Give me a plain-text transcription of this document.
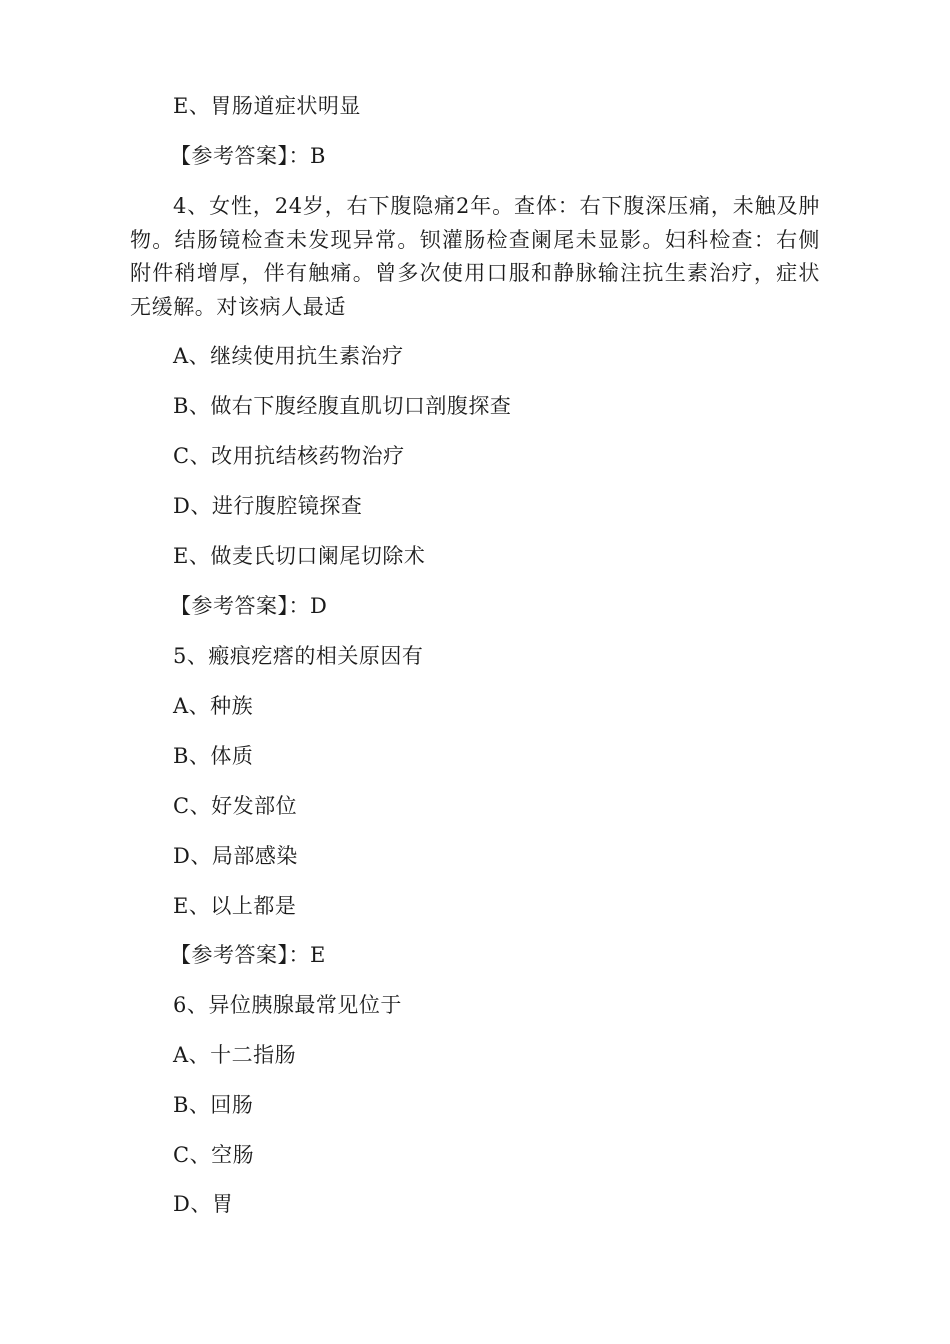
E、胃肠道症状明显
【参考答案】：B
4、女性，24岁，右下腹隐痛2年。查体：右下腹深压痛，未触及肿物。结肠镜检查未发现异常。钡灌肠检查阑尾未显影。妇科检查：右侧附件稍增厚，伴有触痛。曾多次使用口服和静脉输注抗生素治疗，症状无缓解。对该病人最适
A、继续使用抗生素治疗
B、做右下腹经腹直肌切口剖腹探查
C、改用抗结核药物治疗
D、进行腹腔镜探查
E、做麦氏切口阑尾切除术
【参考答案】：D
5、瘢痕疙瘩的相关原因有
A、种族
B、体质
C、好发部位
D、局部感染
E、以上都是
【参考答案】：E
6、异位胰腺最常见位于
A、十二指肠
B、回肠
C、空肠
D、胃
